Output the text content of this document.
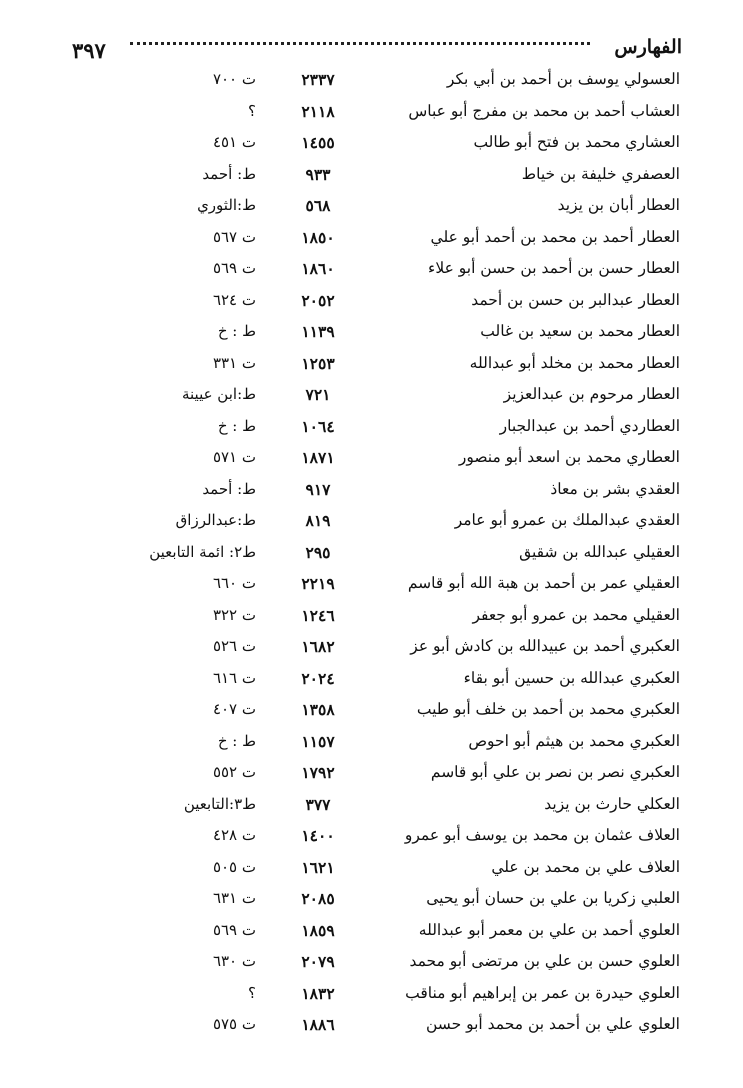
٣٩٧	الفهارس
العسولي يوسف بن أحمد بن أبي بكر
٢٣٣٧
ت ٧٠٠
العشاب أحمد بن محمد بن مفرج أبو عباس
٢١١٨
؟
العشاري محمد بن فتح أبو طالب
١٤٥٥
ت ٤٥١
العصفري خليفة بن خياط
٩٣٣
ط: أحمد
العطار أبان بن يزيد
٥٦٨
ط:الثوري
العطار أحمد بن محمد بن أحمد أبو علي
١٨٥٠
ت ٥٦٧
العطار حسن بن أحمد بن حسن أبو علاء
١٨٦٠
ت ٥٦٩
العطار عبدالبر بن حسن بن أحمد
٢٠٥٢
ت ٦٢٤
العطار محمد بن سعيد بن غالب
١١٣٩
ط : خ
العطار محمد بن مخلد أبو عبدالله
١٢٥٣
ت ٣٣١
العطار مرحوم بن عبدالعزيز
٧٢١
ط:ابن عيينة
العطاردي أحمد بن عبدالجبار
١٠٦٤
ط : خ
العطاري محمد بن اسعد أبو منصور
١٨٧١
ت ٥٧١
العقدي بشر بن معاذ
٩١٧
ط: أحمد
العقدي عبدالملك بن عمرو أبو عامر
٨١٩
ط:عبدالرزاق
العقيلي عبدالله بن شقيق
٢٩٥
ط٢: ائمة التابعين
العقيلي عمر بن أحمد بن هبة الله أبو قاسم
٢٢١٩
ت ٦٦٠
العقيلي محمد بن عمرو أبو جعفر
١٢٤٦
ت ٣٢٢
العكبري أحمد بن عبيدالله بن كادش أبو عز
١٦٨٢
ت ٥٢٦
العكبري عبدالله بن حسين أبو بقاء
٢٠٢٤
ت ٦١٦
العكبري محمد بن أحمد بن خلف أبو طيب
١٣٥٨
ت ٤٠٧
العكبري محمد بن هيثم أبو احوص
١١٥٧
ط : خ
العكبري نصر بن نصر بن علي أبو قاسم
١٧٩٢
ت ٥٥٢
العكلي حارث بن يزيد
٣٧٧
ط٣:التابعين
العلاف عثمان بن محمد بن يوسف أبو عمرو
١٤٠٠
ت ٤٢٨
العلاف علي بن محمد بن علي
١٦٢١
ت ٥٠٥
العلبي زكريا بن علي بن حسان أبو يحيى
٢٠٨٥
ت ٦٣١
العلوي أحمد بن علي بن معمر أبو عبدالله
١٨٥٩
ت ٥٦٩
العلوي حسن بن علي بن مرتضى أبو محمد
٢٠٧٩
ت ٦٣٠
العلوي حيدرة بن عمر بن إبراهيم أبو مناقب
١٨٣٢
؟
العلوي علي بن أحمد بن محمد أبو حسن
١٨٨٦
ت ٥٧٥
